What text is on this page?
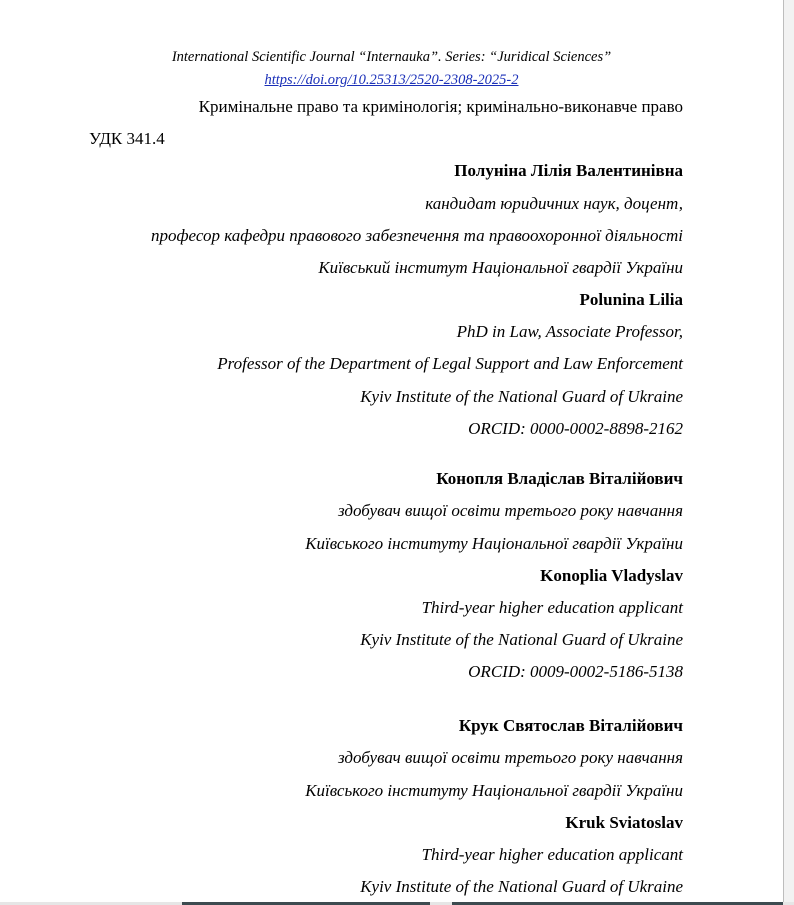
International Scientific Journal “Internauka”. Series: “Juridical Sciences”
https://doi.org/10.25313/2520-2308-2025-2
Кримінальне право та кримінологія; кримінально-виконавче право
УДК 341.4
Полуніна Лілія Валентинівна
кандидат юридичних наук, доцент,
професор кафедри правового забезпечення та правоохоронної діяльності
Київський інститут Національної гвардії України
Polunina Lilia
PhD in Law, Associate Professor,
Professor of the Department of Legal Support and Law Enforcement
Kyiv Institute of the National Guard of Ukraine
ORCID: 0000-0002-8898-2162
Конопля Владіслав Віталійович
здобувач вищої освіти третього року навчання
Київського інституту Національної гвардії України
Konoplia Vladyslav
Third-year higher education applicant
Kyiv Institute of the National Guard of Ukraine
ORCID: 0009-0002-5186-5138
Крук Святослав Віталійович
здобувач вищої освіти третього року навчання
Київського інституту Національної гвардії України
Kruk Sviatoslav
Third-year higher education applicant
Kyiv Institute of the National Guard of Ukraine
